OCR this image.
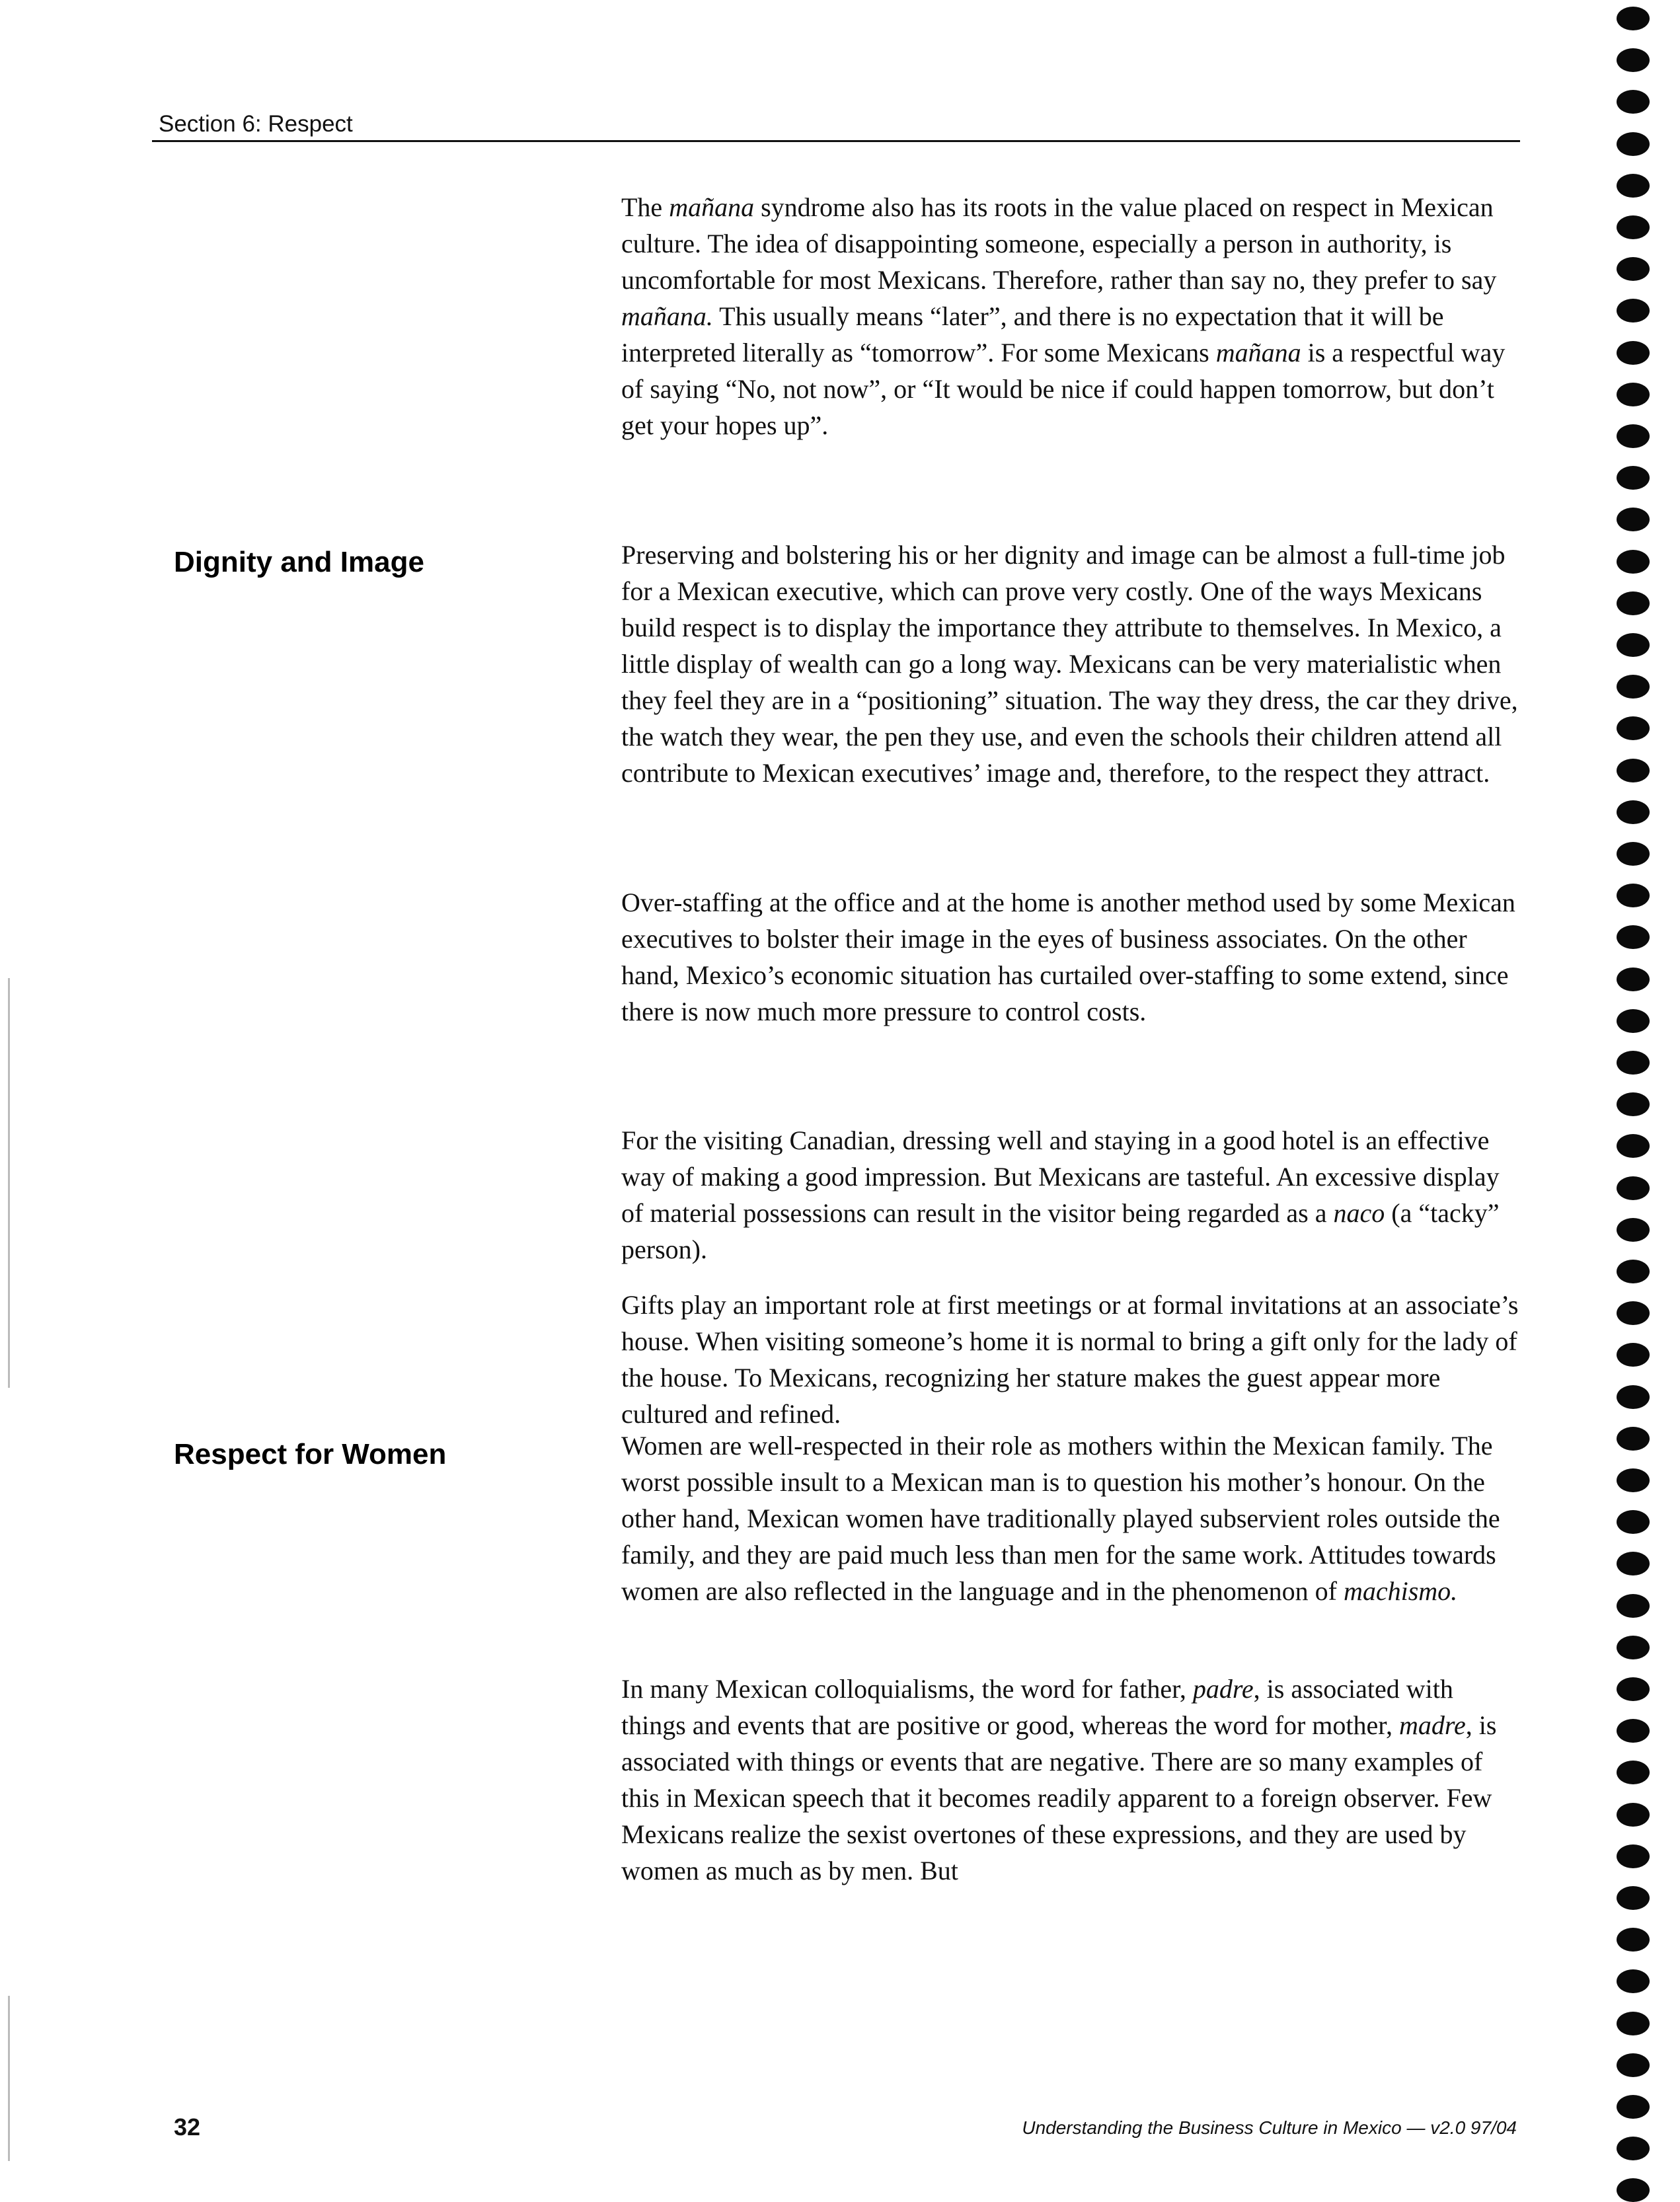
Section 6: Respect
Dignity and Image
Respect for Women

The mañana syndrome also has its roots in the value placed on respect in Mexican culture. The idea of disappointing someone, especially a person in authority, is uncomfortable for most Mexicans. Therefore, rather than say no, they prefer to say mañana. This usually means “later”, and there is no expectation that it will be interpreted literally as “tomorrow”. For some Mexicans mañana is a respectful way of saying “No, not now”, or “It would be nice if could happen tomorrow, but don’t get your hopes up”.

Preserving and bolstering his or her dignity and image can be almost a full-time job for a Mexican executive, which can prove very costly. One of the ways Mexicans build respect is to display the importance they attribute to themselves. In Mexico, a little display of wealth can go a long way. Mexicans can be very materialistic when they feel they are in a “positioning” situation. The way they dress, the car they drive, the watch they wear, the pen they use, and even the schools their children attend all contribute to Mexican executives’ image and, therefore, to the respect they attract.

Over-staffing at the office and at the home is another method used by some Mexican executives to bolster their image in the eyes of business associates. On the other hand, Mexico’s economic situation has curtailed over-staffing to some extend, since there is now much more pressure to control costs.

For the visiting Canadian, dressing well and staying in a good hotel is an effective way of making a good impression. But Mexicans are tasteful. An excessive display of material possessions can result in the visitor being regarded as a naco (a “tacky” person).

Gifts play an important role at first meetings or at formal invitations at an associate’s house. When visiting someone’s home it is normal to bring a gift only for the lady of the house. To Mexicans, recognizing her stature makes the guest appear more cultured and refined.

Women are well-respected in their role as mothers within the Mexican family. The worst possible insult to a Mexican man is to question his mother’s honour. On the other hand, Mexican women have traditionally played subservient roles outside the family, and they are paid much less than men for the same work. Attitudes towards women are also reflected in the language and in the phenomenon of machismo.

In many Mexican colloquialisms, the word for father, padre, is associated with things and events that are positive or good, whereas the word for mother, madre, is associated with things or events that are negative. There are so many examples of this in Mexican speech that it becomes readily apparent to a foreign observer. Few Mexicans realize the sexist overtones of these expressions, and they are used by women as much as by men. But

32	Understanding the Business Culture in Mexico — v2.0 97/04
